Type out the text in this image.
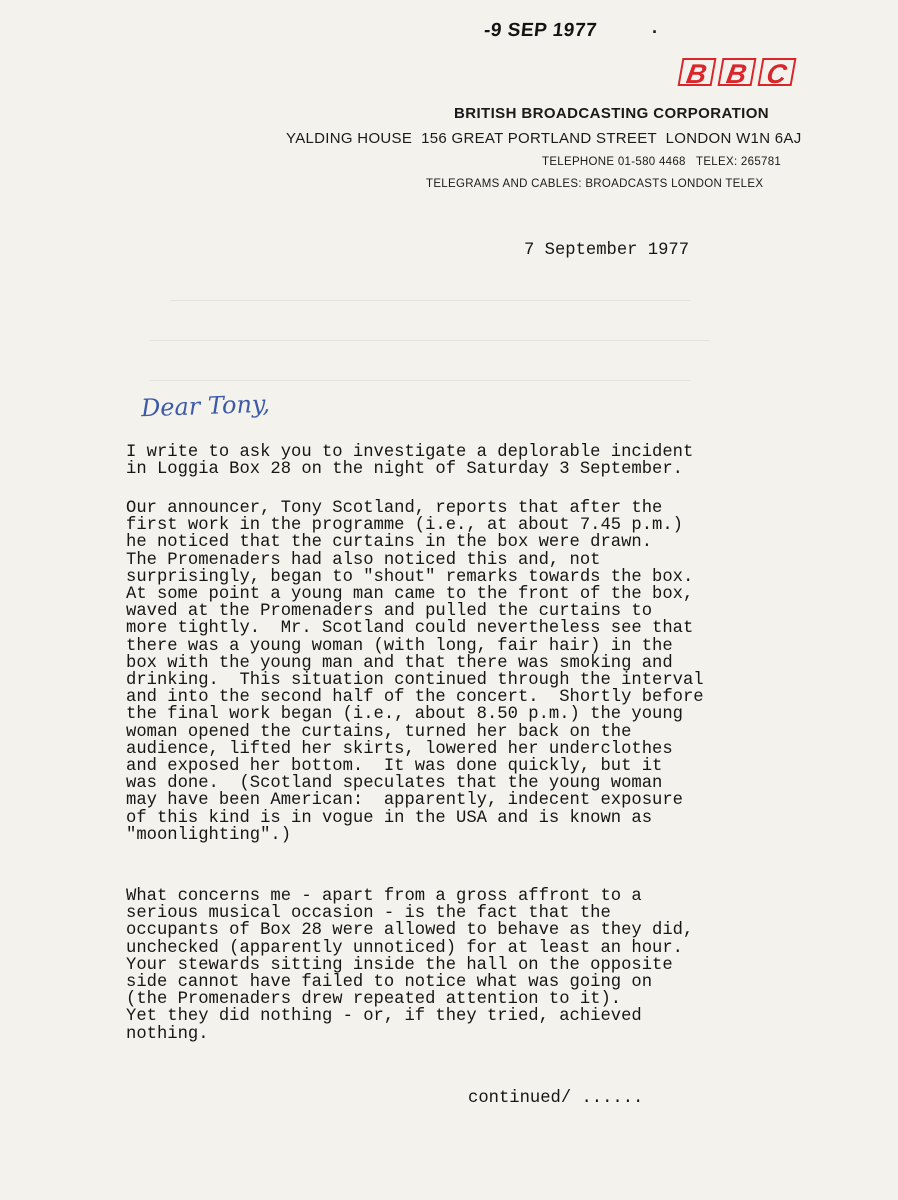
-9 SEP 1977	·
B B C
BRITISH BROADCASTING CORPORATION
YALDING HOUSE  156 GREAT PORTLAND STREET  LONDON W1N 6AJ
TELEPHONE 01-580 4468   TELEX: 265781
TELEGRAMS AND CABLES: BROADCASTS LONDON TELEX
7 September 1977
Dear Tony,
I write to ask you to investigate a deplorable incident
in Loggia Box 28 on the night of Saturday 3 September.
Our announcer, Tony Scotland, reports that after the
first work in the programme (i.e., at about 7.45 p.m.)
he noticed that the curtains in the box were drawn.
The Promenaders had also noticed this and, not
surprisingly, began to "shout" remarks towards the box.
At some point a young man came to the front of the box,
waved at the Promenaders and pulled the curtains to
more tightly.  Mr. Scotland could nevertheless see that
there was a young woman (with long, fair hair) in the
box with the young man and that there was smoking and
drinking.  This situation continued through the interval
and into the second half of the concert.  Shortly before
the final work began (i.e., about 8.50 p.m.) the young
woman opened the curtains, turned her back on the
audience, lifted her skirts, lowered her underclothes
and exposed her bottom.  It was done quickly, but it
was done.  (Scotland speculates that the young woman
may have been American:  apparently, indecent exposure
of this kind is in vogue in the USA and is known as
"moonlighting".)
What concerns me - apart from a gross affront to a
serious musical occasion - is the fact that the
occupants of Box 28 were allowed to behave as they did,
unchecked (apparently unnoticed) for at least an hour.
Your stewards sitting inside the hall on the opposite
side cannot have failed to notice what was going on
(the Promenaders drew repeated attention to it).
Yet they did nothing - or, if they tried, achieved
nothing.
continued/ ......
